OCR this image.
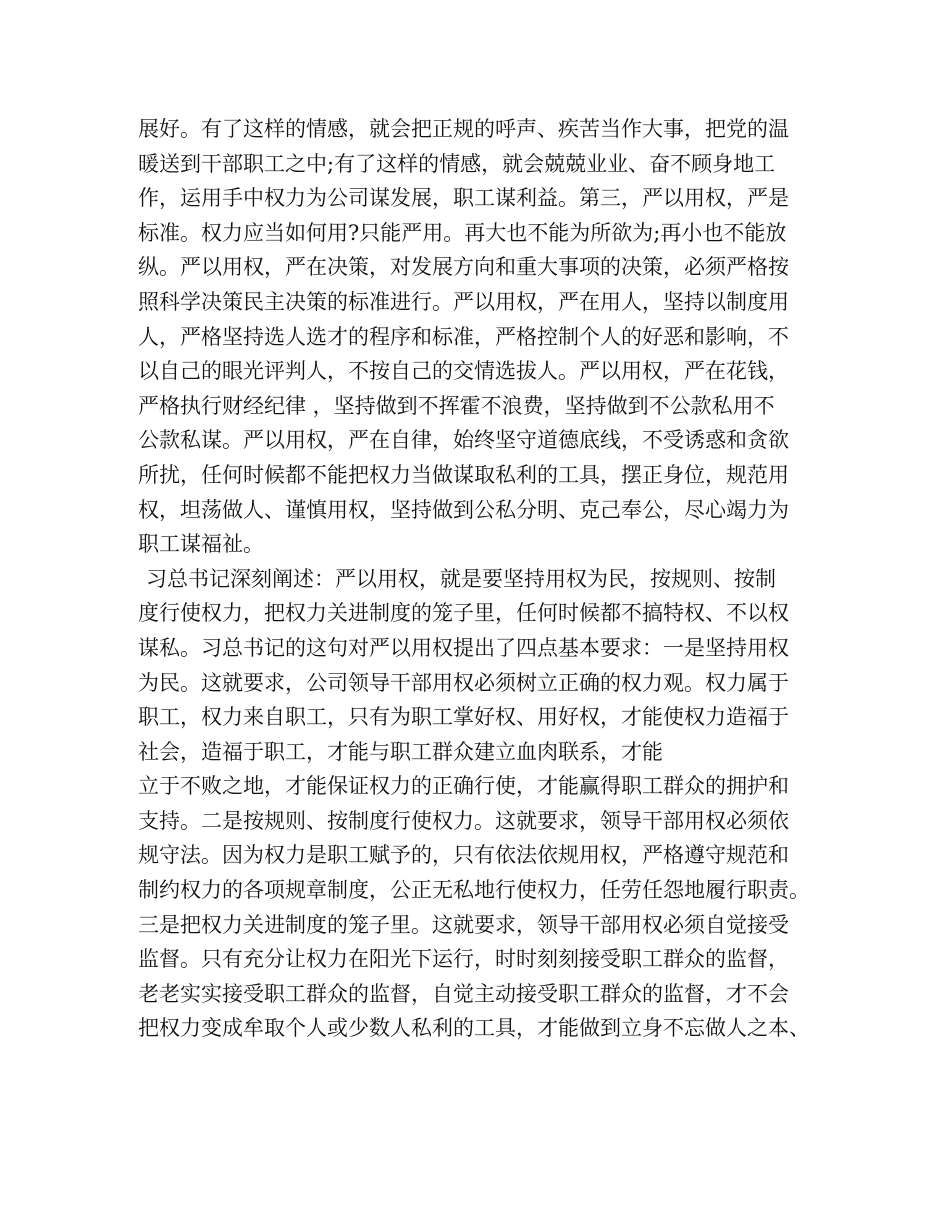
展好。有了这样的情感，就会把正规的呼声、疾苦当作大事，把党的温
暖送到干部职工之中;有了这样的情感，就会兢兢业业、奋不顾身地工
作，运用手中权力为公司谋发展，职工谋利益。第三，严以用权，严是
标准。权力应当如何用?只能严用。再大也不能为所欲为;再小也不能放
纵。严以用权，严在决策，对发展方向和重大事项的决策，必须严格按
照科学决策民主决策的标准进行。严以用权，严在用人，坚持以制度用
人，严格坚持选人选才的程序和标准，严格控制个人的好恶和影响，不
以自己的眼光评判人，不按自己的交情选拔人。严以用权，严在花钱，
严格执行财经纪律 ，坚持做到不挥霍不浪费，坚持做到不公款私用不
公款私谋。严以用权，严在自律，始终坚守道德底线，不受诱惑和贪欲
所扰，任何时候都不能把权力当做谋取私利的工具，摆正身位，规范用
权，坦荡做人、谨慎用权，坚持做到公私分明、克己奉公，尽心竭力为
职工谋福祉。
习总书记深刻阐述：严以用权，就是要坚持用权为民，按规则、按制
度行使权力，把权力关进制度的笼子里，任何时候都不搞特权、不以权
谋私。习总书记的这句对严以用权提出了四点基本要求：一是坚持用权
为民。这就要求，公司领导干部用权必须树立正确的权力观。权力属于
职工，权力来自职工，只有为职工掌好权、用好权，才能使权力造福于
社会，造福于职工，才能与职工群众建立血肉联系，才能
立于不败之地，才能保证权力的正确行使，才能赢得职工群众的拥护和
支持。二是按规则、按制度行使权力。这就要求，领导干部用权必须依
规守法。因为权力是职工赋予的，只有依法依规用权，严格遵守规范和
制约权力的各项规章制度，公正无私地行使权力，任劳任怨地履行职责。
三是把权力关进制度的笼子里。这就要求，领导干部用权必须自觉接受
监督。只有充分让权力在阳光下运行，时时刻刻接受职工群众的监督，
老老实实接受职工群众的监督，自觉主动接受职工群众的监督，才不会
把权力变成牟取个人或少数人私利的工具，才能做到立身不忘做人之本、
